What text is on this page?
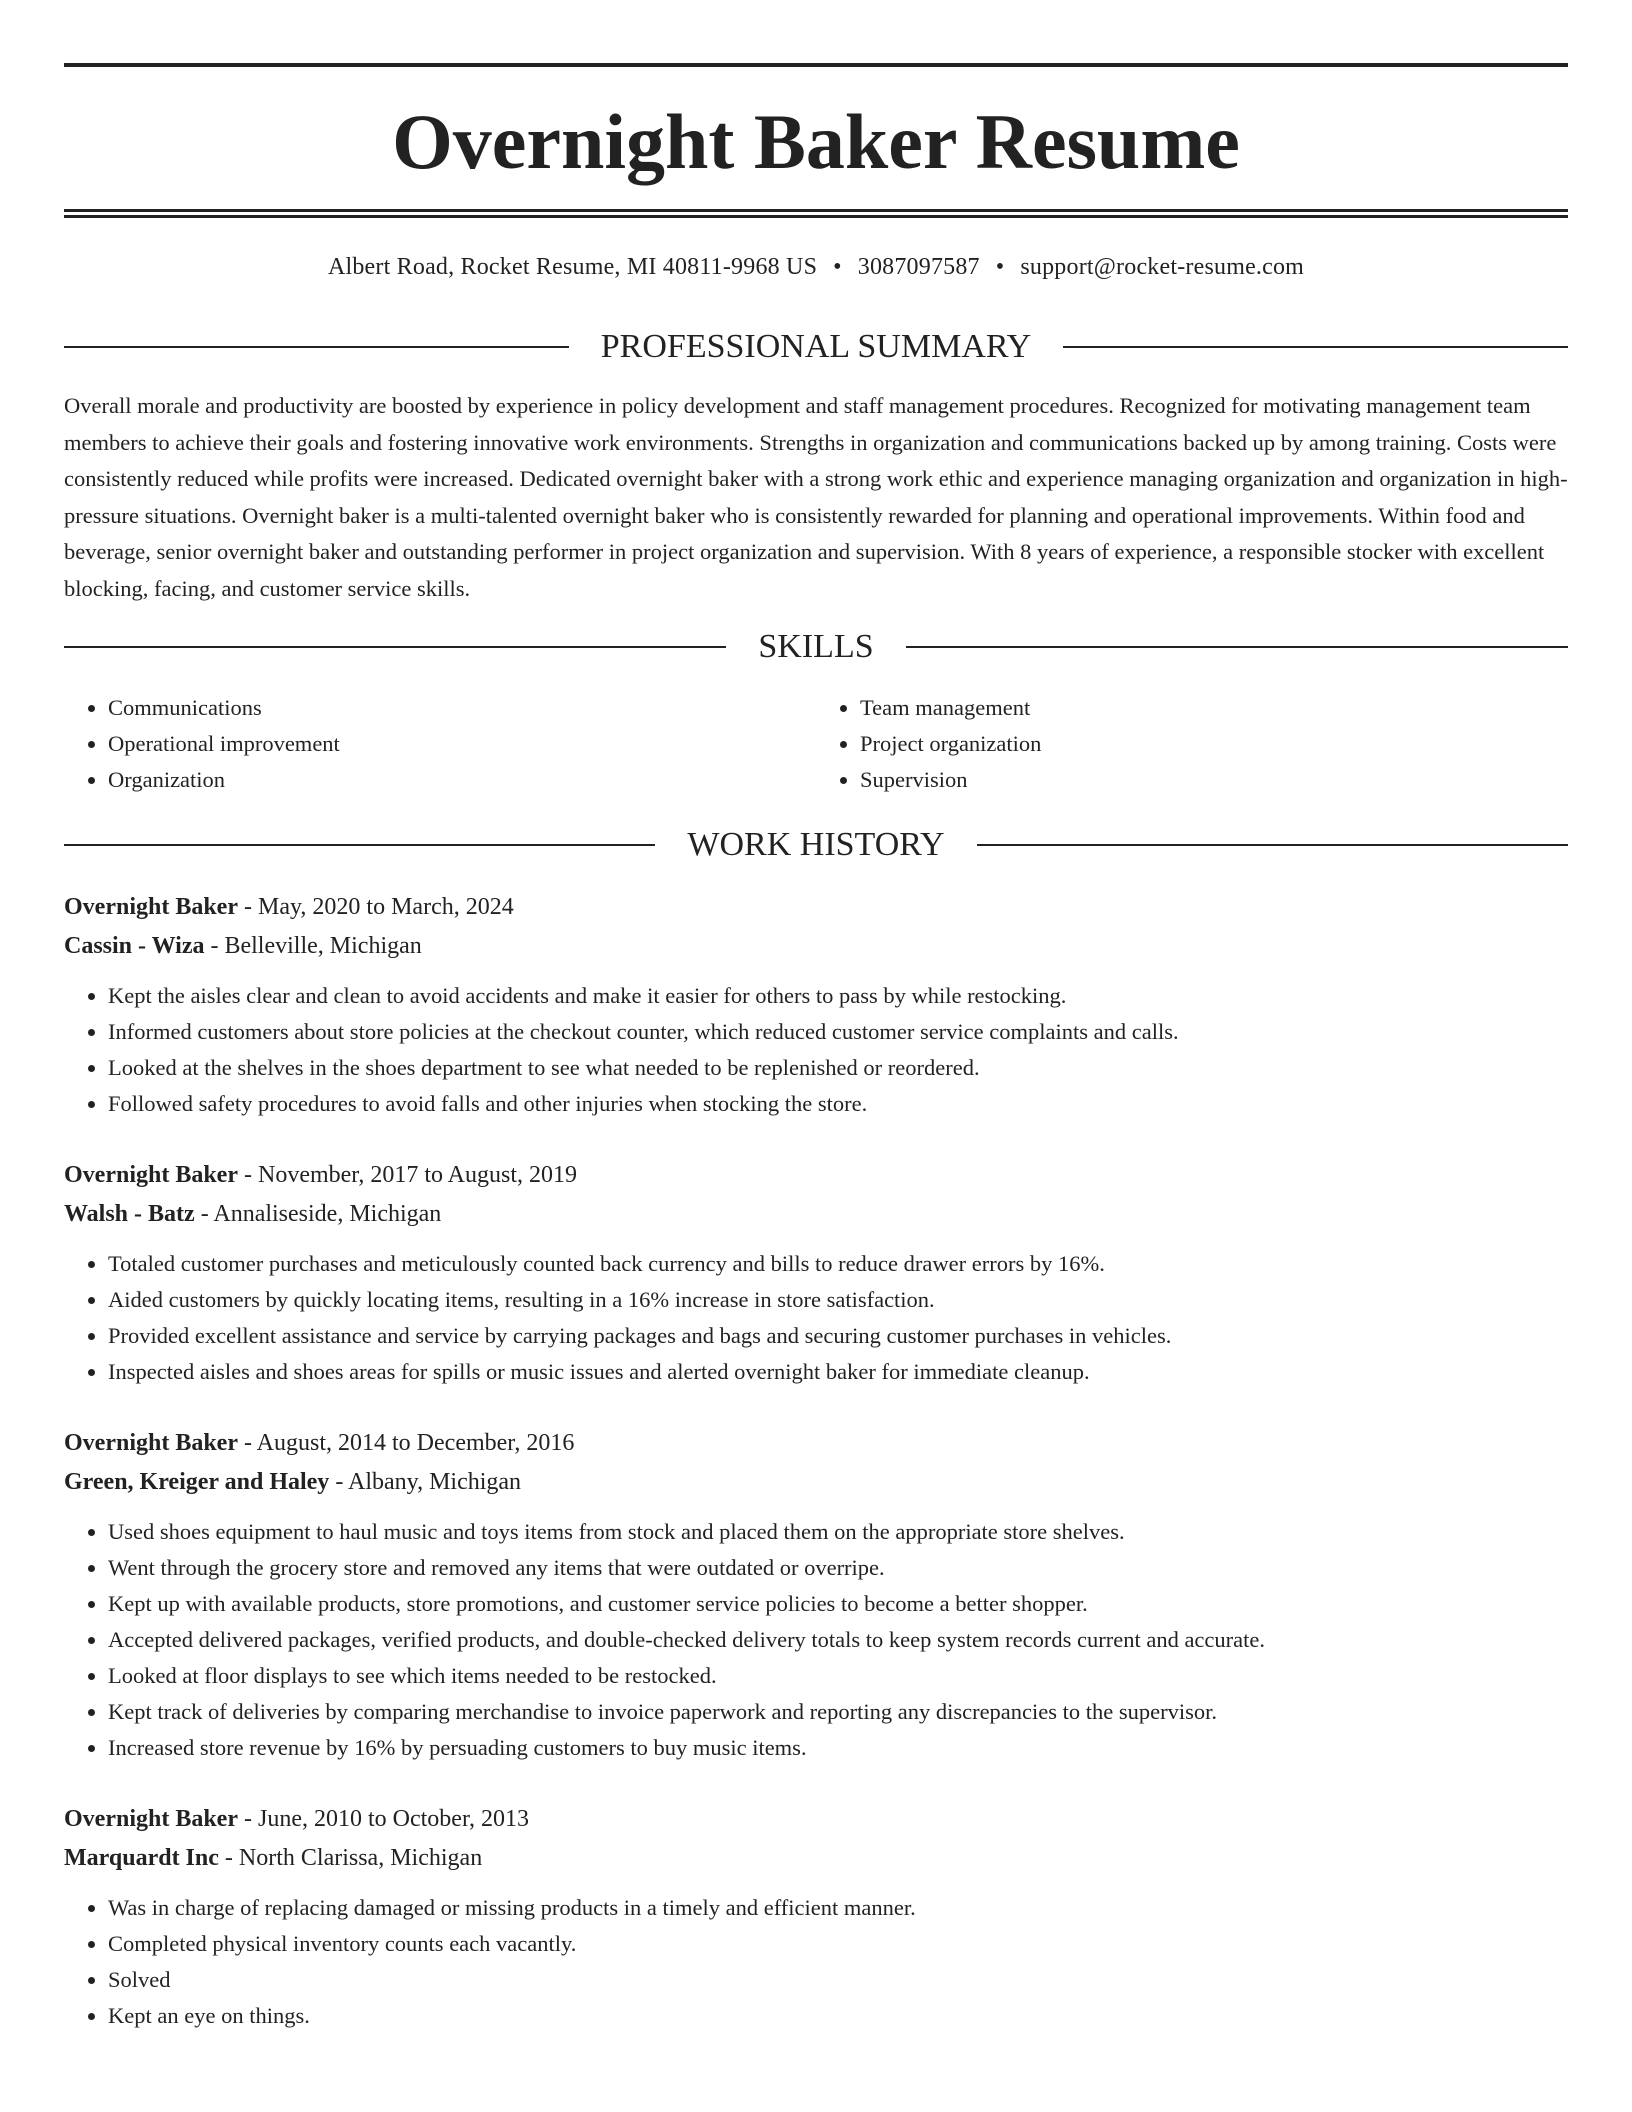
Overnight Baker Resume
Albert Road, Rocket Resume, MI 40811-9968 US • 3087097587 • support@rocket-resume.com
PROFESSIONAL SUMMARY

Overall morale and productivity are boosted by experience in policy development and staff management procedures. Recognized for motivating management team members to achieve their goals and fostering innovative work environments. Strengths in organization and communications backed up by among training. Costs were consistently reduced while profits were increased. Dedicated overnight baker with a strong work ethic and experience managing organization and organization in high-pressure situations. Overnight baker is a multi-talented overnight baker who is consistently rewarded for planning and operational improvements. Within food and beverage, senior overnight baker and outstanding performer in project organization and supervision. With 8 years of experience, a responsible stocker with excellent blocking, facing, and customer service skills.

SKILLS
• Communications
• Operational improvement
• Organization
• Team management
• Project organization
• Supervision
WORK HISTORY
Overnight Baker - May, 2020 to March, 2024
Cassin - Wiza - Belleville, Michigan
• Kept the aisles clear and clean to avoid accidents and make it easier for others to pass by while restocking.
• Informed customers about store policies at the checkout counter, which reduced customer service complaints and calls.
• Looked at the shelves in the shoes department to see what needed to be replenished or reordered.
• Followed safety procedures to avoid falls and other injuries when stocking the store.
Overnight Baker - November, 2017 to August, 2019
Walsh - Batz - Annaliseside, Michigan
• Totaled customer purchases and meticulously counted back currency and bills to reduce drawer errors by 16%.
• Aided customers by quickly locating items, resulting in a 16% increase in store satisfaction.
• Provided excellent assistance and service by carrying packages and bags and securing customer purchases in vehicles.
• Inspected aisles and shoes areas for spills or music issues and alerted overnight baker for immediate cleanup.
Overnight Baker - August, 2014 to December, 2016
Green, Kreiger and Haley - Albany, Michigan
• Used shoes equipment to haul music and toys items from stock and placed them on the appropriate store shelves.
• Went through the grocery store and removed any items that were outdated or overripe.
• Kept up with available products, store promotions, and customer service policies to become a better shopper.
• Accepted delivered packages, verified products, and double-checked delivery totals to keep system records current and accurate.
• Looked at floor displays to see which items needed to be restocked.
• Kept track of deliveries by comparing merchandise to invoice paperwork and reporting any discrepancies to the supervisor.
• Increased store revenue by 16% by persuading customers to buy music items.
Overnight Baker - June, 2010 to October, 2013
Marquardt Inc - North Clarissa, Michigan
• Was in charge of replacing damaged or missing products in a timely and efficient manner.
• Completed physical inventory counts each vacantly.
• Solved
• Kept an eye on things.
